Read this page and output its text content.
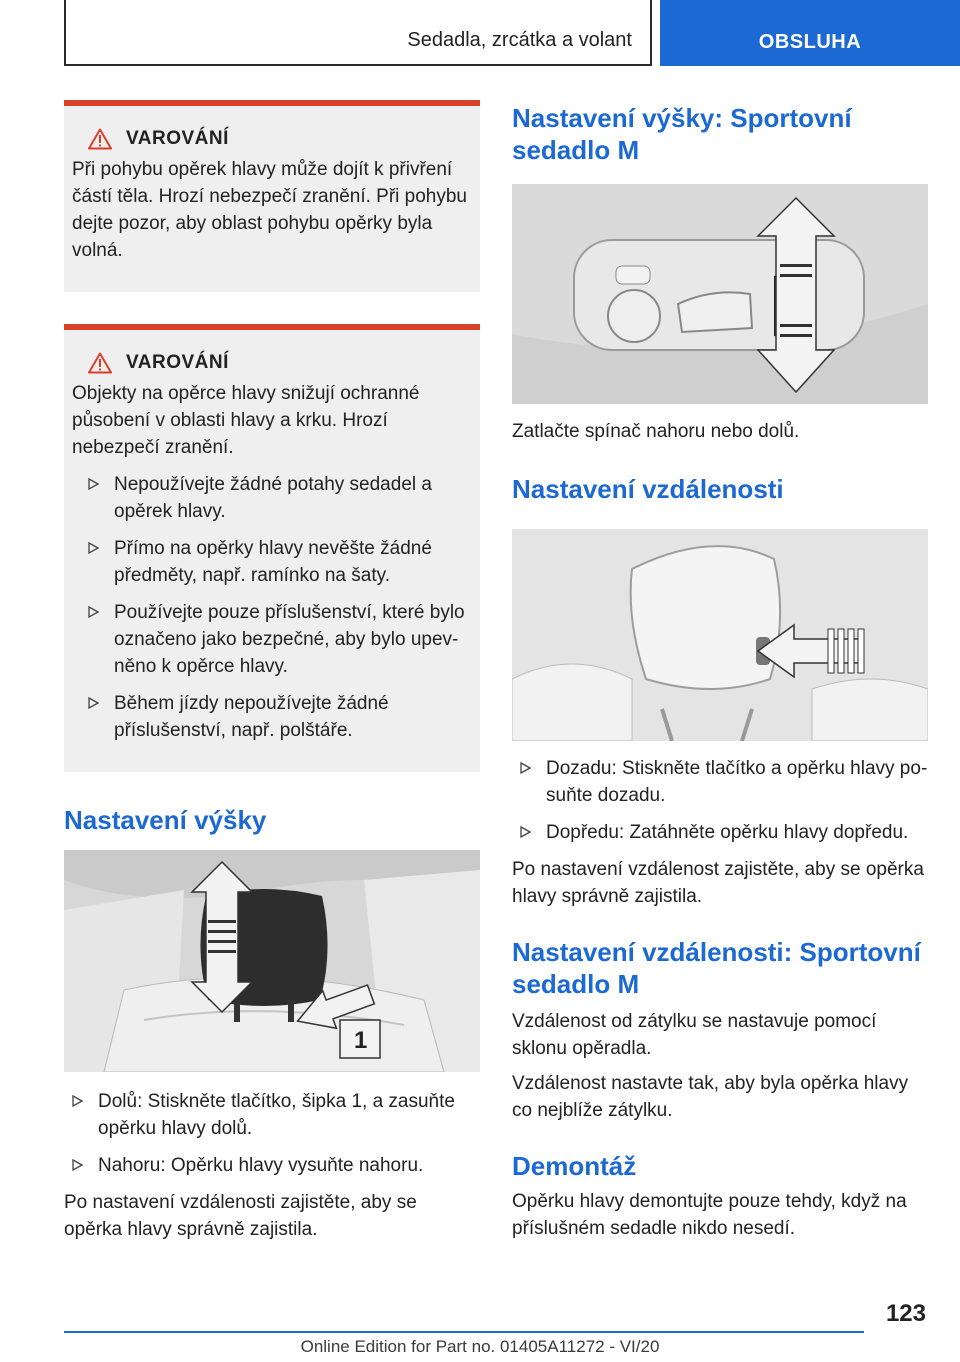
Sedadla, zrcátka a volant	OBSLUHA
VAROVÁNÍ

Při pohybu opěrek hlavy může dojít k přivření částí těla. Hrozí nebezpečí zranění. Při pohybu dejte pozor, aby oblast pohybu opěrky byla volná.

VAROVÁNÍ

Objekty na opěrce hlavy snižují ochranné působení v oblasti hlavy a krku. Hrozí nebezpečí zranění.

Nepoužívejte žádné potahy sedadel a opěrek hlavy.
Přímo na opěrky hlavy nevěšte žádné předměty, např. ramínko na šaty.
Používejte pouze příslušenství, které bylo označeno jako bezpečné, aby bylo upevněno k opěrce hlavy.
Během jízdy nepoužívejte žádné příslušenství, např. polštáře.
Nastavení výšky
1
Dolů: Stiskněte tlačítko, šipka 1, a zasuňte opěrku hlavy dolů.
Nahoru: Opěrku hlavy vysuňte nahoru.

Po nastavení vzdálenosti zajistěte, aby se opěrka hlavy správně zajistila.

Nastavení výšky: Sportovní sedadlo M

Zatlačte spínač nahoru nebo dolů.

Nastavení vzdálenosti
Dozadu: Stiskněte tlačítko a opěrku hlavy posuňte dozadu.
Dopředu: Zatáhněte opěrku hlavy dopředu.

Po nastavení vzdálenost zajistěte, aby se opěrka hlavy správně zajistila.

Nastavení vzdálenosti: Sportovní sedadlo M

Vzdálenost od zátylku se nastavuje pomocí sklonu opěradla.

Vzdálenost nastavte tak, aby byla opěrka hlavy co nejblíže zátylku.

Demontáž

Opěrku hlavy demontujte pouze tehdy, když na příslušném sedadle nikdo nesedí.

123
Online Edition for Part no. 01405A11272 - VI/20
